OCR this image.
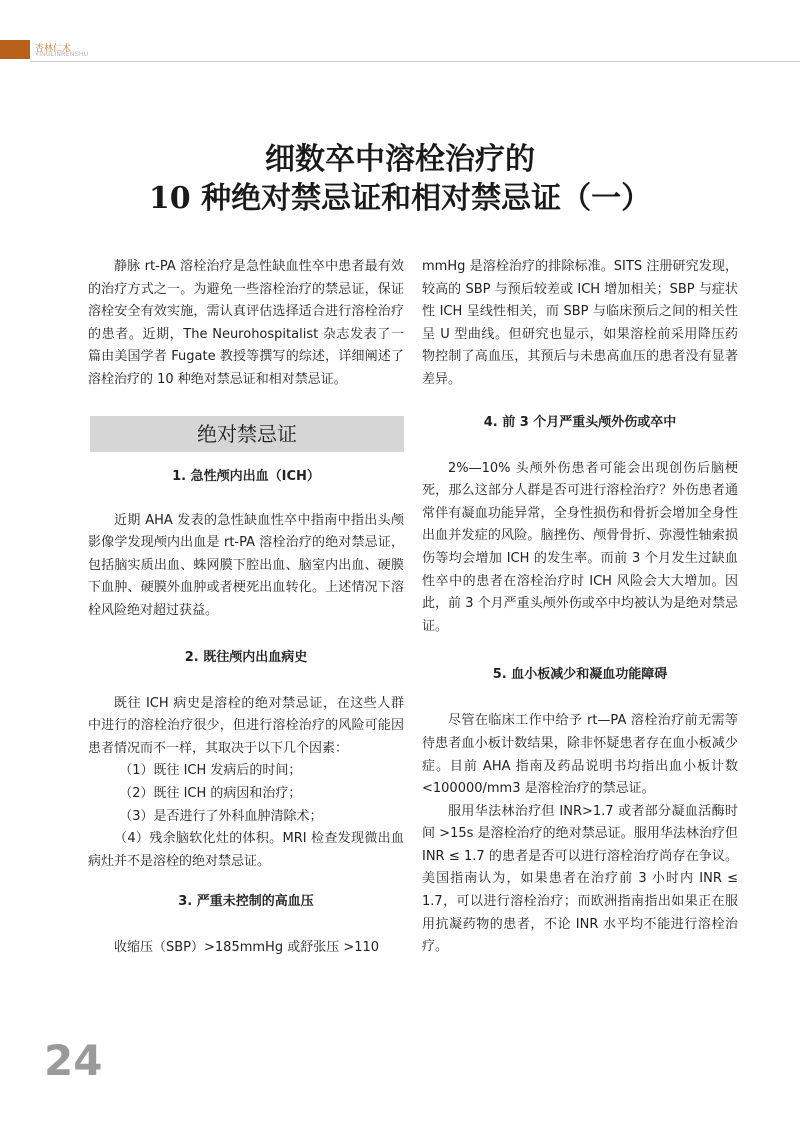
杏林仁术
YINGLINRENSHU
细数卒中溶栓治疗的
10 种绝对禁忌证和相对禁忌证（一）

静脉 rt-PA 溶栓治疗是急性缺血性卒中患者最有效的治疗方式之一。为避免一些溶栓治疗的禁忌证，保证溶栓安全有效实施，需认真评估选择适合进行溶栓治疗的患者。近期，The Neurohospitalist 杂志发表了一篇由美国学者 Fugate 教授等撰写的综述，详细阐述了溶栓治疗的 10 种绝对禁忌证和相对禁忌证。

绝对禁忌证

1. 急性颅内出血（ICH）

近期 AHA 发表的急性缺血性卒中指南中指出头颅影像学发现颅内出血是 rt-PA 溶栓治疗的绝对禁忌证，包括脑实质出血、蛛网膜下腔出血、脑室内出血、硬膜下血肿、硬膜外血肿或者梗死出血转化。上述情况下溶栓风险绝对超过获益。

2. 既往颅内出血病史

既往 ICH 病史是溶栓的绝对禁忌证，在这些人群中进行的溶栓治疗很少，但进行溶栓治疗的风险可能因患者情况而不一样，其取决于以下几个因素：

（1）既往 ICH 发病后的时间；

（2）既往 ICH 的病因和治疗；

（3）是否进行了外科血肿清除术；

（4）残余脑软化灶的体积。MRI 检查发现微出血病灶并不是溶栓的绝对禁忌证。

3. 严重未控制的高血压

收缩压（SBP）>185mmHg 或舒张压 >110

mmHg 是溶栓治疗的排除标准。SITS 注册研究发现，较高的 SBP 与预后较差或 ICH 增加相关；SBP 与症状性 ICH 呈线性相关，而 SBP 与临床预后之间的相关性呈 U 型曲线。但研究也显示，如果溶栓前采用降压药物控制了高血压，其预后与未患高血压的患者没有显著差异。

4. 前 3 个月严重头颅外伤或卒中

2%—10% 头颅外伤患者可能会出现创伤后脑梗死，那么这部分人群是否可进行溶栓治疗？外伤患者通常伴有凝血功能异常，全身性损伤和骨折会增加全身性出血并发症的风险。脑挫伤、颅骨骨折、弥漫性轴索损伤等均会增加 ICH 的发生率。而前 3 个月发生过缺血性卒中的患者在溶栓治疗时 ICH 风险会大大增加。因此，前 3 个月严重头颅外伤或卒中均被认为是绝对禁忌证。

5. 血小板减少和凝血功能障碍

尽管在临床工作中给予 rt—PA 溶栓治疗前无需等待患者血小板计数结果，除非怀疑患者存在血小板减少症。目前 AHA 指南及药品说明书均指出血小板计数 <100000/mm3 是溶栓治疗的禁忌证。

服用华法林治疗但 INR>1.7 或者部分凝血活酶时间 >15s 是溶栓治疗的绝对禁忌证。服用华法林治疗但 INR ≤ 1.7 的患者是否可以进行溶栓治疗尚存在争议。美国指南认为，如果患者在治疗前 3 小时内 INR ≤ 1.7，可以进行溶栓治疗；而欧洲指南指出如果正在服用抗凝药物的患者，不论 INR 水平均不能进行溶栓治疗。

24
